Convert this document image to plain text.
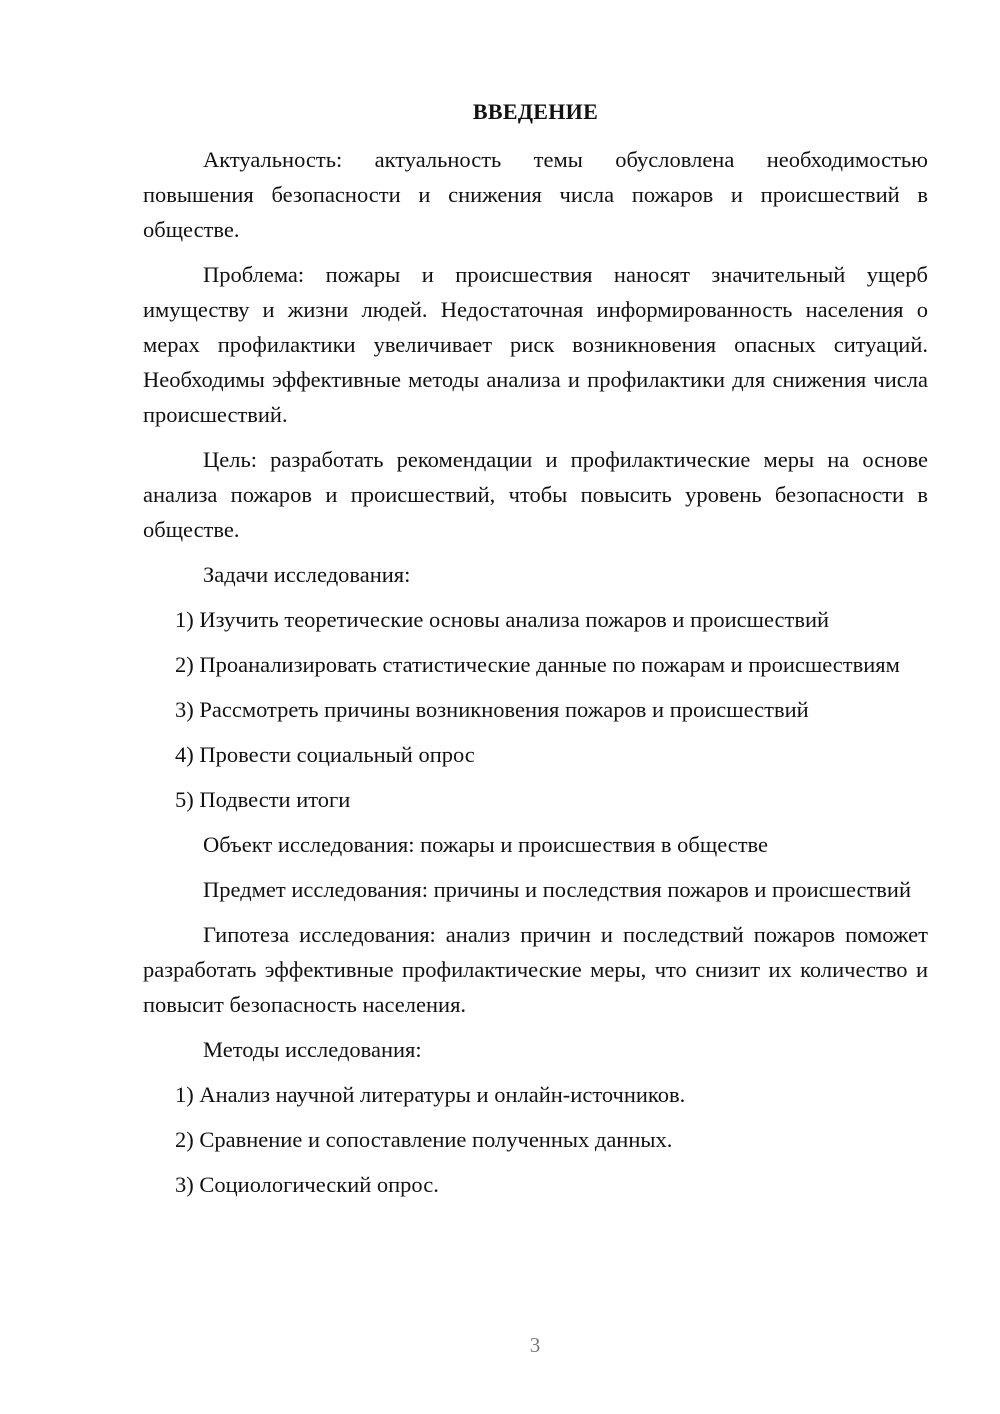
ВВЕДЕНИЕ

Актуальность: актуальность темы обусловлена необходимостью повышения безопасности и снижения числа пожаров и происшествий в обществе.

Проблема: пожары и происшествия наносят значительный ущерб имуществу и жизни людей. Недостаточная информированность населения о мерах профилактики увеличивает риск возникновения опасных ситуаций. Необходимы эффективные методы анализа и профилактики для снижения числа происшествий.

Цель: разработать рекомендации и профилактические меры на основе анализа пожаров и происшествий, чтобы повысить уровень безопасности в обществе.

Задачи исследования:

1) Изучить теоретические основы анализа пожаров и происшествий

2) Проанализировать статистические данные по пожарам и происшествиям

3) Рассмотреть причины возникновения пожаров и происшествий

4) Провести социальный опрос

5) Подвести итоги

Объект исследования: пожары и происшествия в обществе

Предмет исследования: причины и последствия пожаров и происшествий

Гипотеза исследования: анализ причин и последствий пожаров поможет разработать эффективные профилактические меры, что снизит их количество и повысит безопасность населения.

Методы исследования:

1) Анализ научной литературы и онлайн-источников.

2) Сравнение и сопоставление полученных данных.

3) Социологический опрос.

3
